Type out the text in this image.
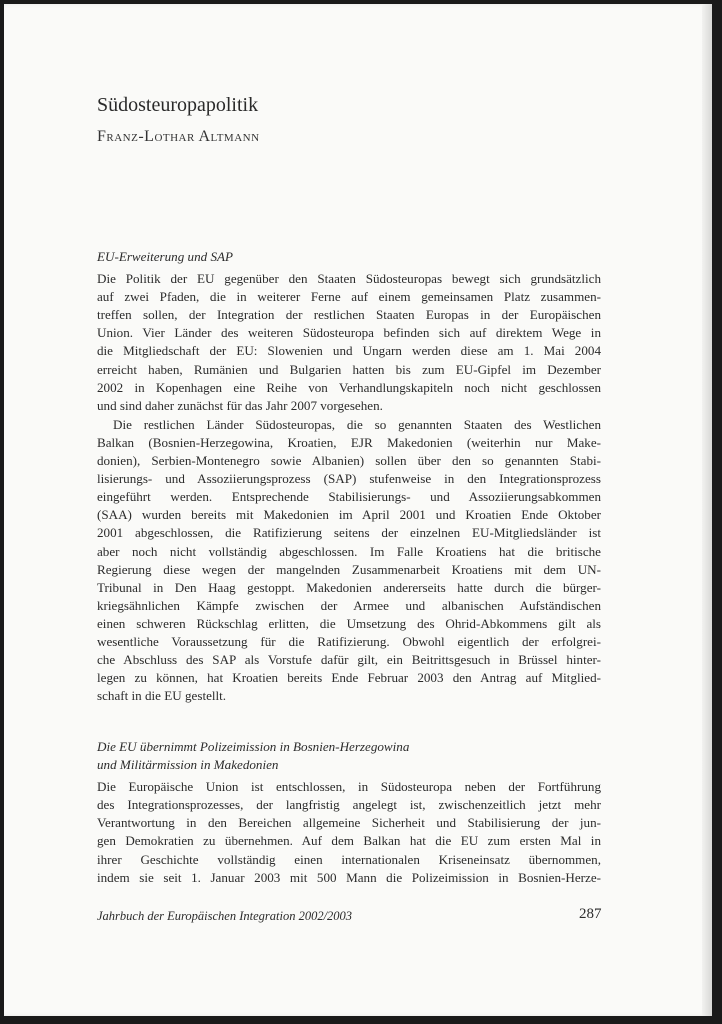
Südosteuropapolitik
Franz-Lothar Altmann
EU-Erweiterung und SAP

Die Politik der EU gegenüber den Staaten Südosteuropas bewegt sich grundsätzlich
auf zwei Pfaden, die in weiterer Ferne auf einem gemeinsamen Platz zusammen-
treffen sollen, der Integration der restlichen Staaten Europas in der Europäischen
Union. Vier Länder des weiteren Südosteuropa befinden sich auf direktem Wege in
die Mitgliedschaft der EU: Slowenien und Ungarn werden diese am 1. Mai 2004
erreicht haben, Rumänien und Bulgarien hatten bis zum EU-Gipfel im Dezember
2002 in Kopenhagen eine Reihe von Verhandlungskapiteln noch nicht geschlossen
und sind daher zunächst für das Jahr 2007 vorgesehen.

Die restlichen Länder Südosteuropas, die so genannten Staaten des Westlichen
Balkan (Bosnien-Herzegowina, Kroatien, EJR Makedonien (weiterhin nur Make-
donien), Serbien-Montenegro sowie Albanien) sollen über den so genannten Stabi-
lisierungs- und Assoziierungsprozess (SAP) stufenweise in den Integrationsprozess
eingeführt werden. Entsprechende Stabilisierungs- und Assoziierungsabkommen
(SAA) wurden bereits mit Makedonien im April 2001 und Kroatien Ende Oktober
2001 abgeschlossen, die Ratifizierung seitens der einzelnen EU-Mitgliedsländer ist
aber noch nicht vollständig abgeschlossen. Im Falle Kroatiens hat die britische
Regierung diese wegen der mangelnden Zusammenarbeit Kroatiens mit dem UN-
Tribunal in Den Haag gestoppt. Makedonien andererseits hatte durch die bürger-
kriegsähnlichen Kämpfe zwischen der Armee und albanischen Aufständischen
einen schweren Rückschlag erlitten, die Umsetzung des Ohrid-Abkommens gilt als
wesentliche Voraussetzung für die Ratifizierung. Obwohl eigentlich der erfolgrei-
che Abschluss des SAP als Vorstufe dafür gilt, ein Beitrittsgesuch in Brüssel hinter-
legen zu können, hat Kroatien bereits Ende Februar 2003 den Antrag auf Mitglied-
schaft in die EU gestellt.

Die EU übernimmt Polizeimission in Bosnien-Herzegowina
und Militärmission in Makedonien

Die Europäische Union ist entschlossen, in Südosteuropa neben der Fortführung
des Integrationsprozesses, der langfristig angelegt ist, zwischenzeitlich jetzt mehr
Verantwortung in den Bereichen allgemeine Sicherheit und Stabilisierung der jun-
gen Demokratien zu übernehmen. Auf dem Balkan hat die EU zum ersten Mal in
ihrer Geschichte vollständig einen internationalen Kriseneinsatz übernommen,
indem sie seit 1. Januar 2003 mit 500 Mann die Polizeimission in Bosnien-Herze-

Jahrbuch der Europäischen Integration 2002/2003	287
